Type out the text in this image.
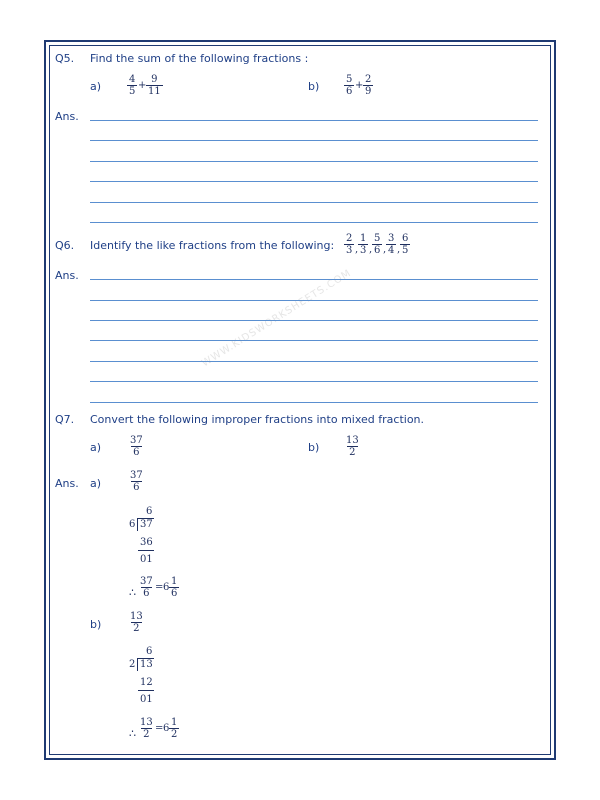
WWW.KIDSWORKSHEETS.COM
Q5. Find the sum of the following fractions :
a)	$\frac{4}{5} + \frac{9}{11}$	$b) \frac{5}{6} + \frac{2}{9}$
Ans.
Q6. Identify the like fractions from the following: $\frac{2}{3}$ , $\frac{1}{3}$ , $\frac{5}{6}$ , $\frac{3}{4}$ , $\frac{6}{5}$
Ans.
Q7. Convert the following improper fractions into mixed fraction.
a)	$\frac{37}{6}$	$b) \frac{13}{2}$
Ans. a)	$\frac{37}{6}$
6
6 37
36
01
∴ $\frac{37}{6} = 6 \frac{1}{6}$
b)	$\frac{13}{2}$
6
2 13
12
01
∴ $\frac{13}{2} = 6 \frac{1}{2}$
